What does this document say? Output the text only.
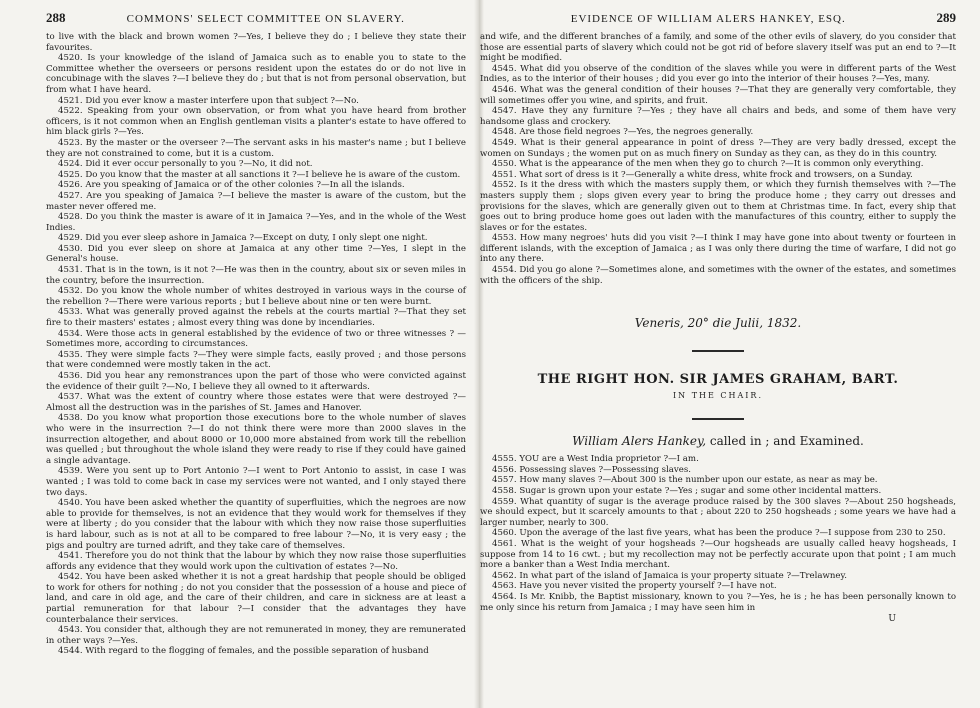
288	COMMONS' SELECT COMMITTEE ON SLAVERY.

to live with the black and brown women ?—Yes, I believe they do ; I believe they state their favourites.

4520. Is your knowledge of the island of Jamaica such as to enable you to state to the Committee whether the overseers or persons resident upon the estates do or do not live in concubinage with the slaves ?—I believe they do ; but that is not from personal observation, but from what I have heard.

4521. Did you ever know a master interfere upon that subject ?—No.

4522. Speaking from your own observation, or from what you have heard from brother officers, is it not common when an English gentleman visits a planter's estate to have offered to him black girls ?—Yes.

4523. By the master or the overseer ?—The servant asks in his master's name ; but I believe they are not constrained to come, but it is a custom.

4524. Did it ever occur personally to you ?—No, it did not.

4525. Do you know that the master at all sanctions it ?—I believe he is aware of the custom.

4526. Are you speaking of Jamaica or of the other colonies ?—In all the islands.

4527. Are you speaking of Jamaica ?—I believe the master is aware of the custom, but the master never offered me.

4528. Do you think the master is aware of it in Jamaica ?—Yes, and in the whole of the West Indies.

4529. Did you ever sleep ashore in Jamaica ?—Except on duty, I only slept one night.

4530. Did you ever sleep on shore at Jamaica at any other time ?—Yes, I slept in the General's house.

4531. That is in the town, is it not ?—He was then in the country, about six or seven miles in the country, before the insurrection.

4532. Do you know the whole number of whites destroyed in various ways in the course of the rebellion ?—There were various reports ; but I believe about nine or ten were burnt.

4533. What was generally proved against the rebels at the courts martial ?—That they set fire to their masters' estates ; almost every thing was done by incendiaries.

4534. Were those acts in general established by the evidence of two or three witnesses ? —Sometimes more, according to circumstances.

4535. They were simple facts ?—They were simple facts, easily proved ; and those persons that were condemned were mostly taken in the act.

4536. Did you hear any remonstrances upon the part of those who were convicted against the evidence of their guilt ?—No, I believe they all owned to it afterwards.

4537. What was the extent of country where those estates were that were destroyed ?—Almost all the destruction was in the parishes of St. James and Hanover.

4538. Do you know what proportion those executions bore to the whole number of slaves who were in the insurrection ?—I do not think there were more than 2000 slaves in the insurrection altogether, and about 8000 or 10,000 more abstained from work till the rebellion was quelled ; but throughout the whole island they were ready to rise if they could have gained a single advantage.

4539. Were you sent up to Port Antonio ?—I went to Port Antonio to assist, in case I was wanted ; I was told to come back in case my services were not wanted, and I only stayed there two days.

4540. You have been asked whether the quantity of superfluities, which the negroes are now able to provide for themselves, is not an evidence that they would work for themselves if they were at liberty ; do you consider that the labour with which they now raise those superfluities is hard labour, such as is not at all to be compared to free labour ?—No, it is very easy ; the pigs and poultry are turned adrift, and they take care of themselves.

4541. Therefore you do not think that the labour by which they now raise those superfluities affords any evidence that they would work upon the cultivation of estates ?—No.

4542. You have been asked whether it is not a great hardship that people should be obliged to work for others for nothing ; do not you consider that the possession of a house and piece of land, and care in old age, and the care of their children, and care in sickness are at least a partial remuneration for that labour ?—I consider that the advantages they have counterbalance their services.

4543. You consider that, although they are not remunerated in money, they are remunerated in other ways ?—Yes.

4544. With regard to the flogging of females, and the possible separation of husband

EVIDENCE OF WILLIAM ALERS HANKEY, ESQ.	289

and wife, and the different branches of a family, and some of the other evils of slavery, do you consider that those are essential parts of slavery which could not be got rid of before slavery itself was put an end to ?—It might be modified.

4545. What did you observe of the condition of the slaves while you were in different parts of the West Indies, as to the interior of their houses ; did you ever go into the interior of their houses ?—Yes, many.

4546. What was the general condition of their houses ?—That they are generally very comfortable, they will sometimes offer you wine, and spirits, and fruit.

4547. Have they any furniture ?—Yes ; they have all chairs and beds, and some of them have very handsome glass and crockery.

4548. Are those field negroes ?—Yes, the negroes generally.

4549. What is their general appearance in point of dress ?—They are very badly dressed, except the women on Sundays ; the women put on as much finery on Sunday as they can, as they do in this country.

4550. What is the appearance of the men when they go to church ?—It is common only everything.

4551. What sort of dress is it ?—Generally a white dress, white frock and trowsers, on a Sunday.

4552. Is it the dress with which the masters supply them, or which they furnish themselves with ?—The masters supply them ; slops given every year to bring the produce home ; they carry out dresses and provisions for the slaves, which are generally given out to them at Christmas time. In fact, every ship that goes out to bring produce home goes out laden with the manufactures of this country, either to supply the slaves or for the estates.

4553. How many negroes' huts did you visit ?—I think I may have gone into about twenty or fourteen in different islands, with the exception of Jamaica ; as I was only there during the time of warfare, I did not go into any there.

4554. Did you go alone ?—Sometimes alone, and sometimes with the owner of the estates, and sometimes with the officers of the ship.

Veneris, 20° die Julii, 1832.
THE RIGHT HON. SIR JAMES GRAHAM, BART.
IN THE CHAIR.
William Alers Hankey, called in ; and Examined.

4555. YOU are a West India proprietor ?—I am.

4556. Possessing slaves ?—Possessing slaves.

4557. How many slaves ?—About 300 is the number upon our estate, as near as may be.

4558. Sugar is grown upon your estate ?—Yes ; sugar and some other incidental matters.

4559. What quantity of sugar is the average produce raised by the 300 slaves ?—About 250 hogsheads, we should expect, but it scarcely amounts to that ; about 220 to 250 hogsheads ; some years we have had a larger number, nearly to 300.

4560. Upon the average of the last five years, what has been the produce ?—I suppose from 230 to 250.

4561. What is the weight of your hogsheads ?—Our hogsheads are usually called heavy hogsheads, I suppose from 14 to 16 cwt. ; but my recollection may not be perfectly accurate upon that point ; I am much more a banker than a West India merchant.

4562. In what part of the island of Jamaica is your property situate ?—Trelawney.

4563. Have you never visited the property yourself ?—I have not.

4564. Is Mr. Knibb, the Baptist missionary, known to you ?—Yes, he is ; he has been personally known to me only since his return from Jamaica ; I may have seen him in

U
